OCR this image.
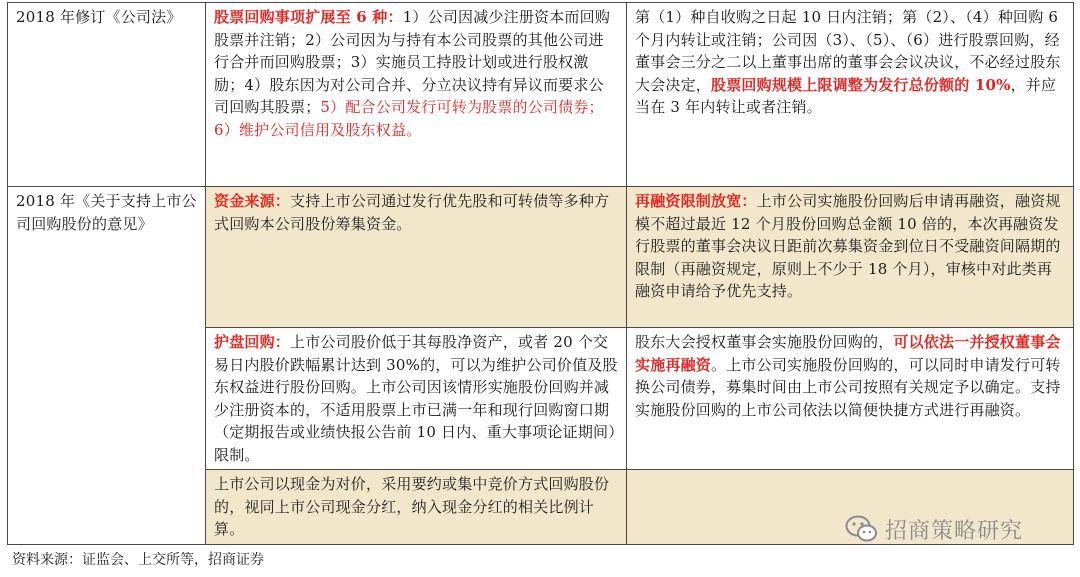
2018 年修订《公司法》	股票回购事项扩展至 6 种：1）公司因减少注册资本而回购股票并注销；2）公司因为与持有本公司股票的其他公司进行合并而回购股票；3）实施员工持股计划或进行股权激励；4）股东因为对公司合并、分立决议持有异议而要求公司回购其股票；5）配合公司发行可转为股票的公司债券；6）维护公司信用及股东权益。	第（1）种自收购之日起 10 日内注销；第（2）、（4）种回购 6 个月内转让或注销；公司因（3）、（5）、（6）进行股票回购，经董事会三分之二以上董事出席的董事会会议决议，不必经过股东大会决定，股票回购规模上限调整为发行总份额的 10%，并应当在 3 年内转让或者注销。
2018 年《关于支持上市公司回购股份的意见》	资金来源：支持上市公司通过发行优先股和可转债等多种方式回购本公司股份筹集资金。	再融资限制放宽：上市公司实施股份回购后申请再融资，融资规模不超过最近 12 个月股份回购总金额 10 倍的，本次再融资发行股票的董事会决议日距前次募集资金到位日不受融资间隔期的限制（再融资规定，原则上不少于 18 个月），审核中对此类再融资申请给予优先支持。
	护盘回购：上市公司股价低于其每股净资产，或者 20 个交易日内股价跌幅累计达到 30%的，可以为维护公司价值及股东权益进行股份回购。上市公司因该情形实施股份回购并减少注册资本的，不适用股票上市已满一年和现行回购窗口期（定期报告或业绩快报公告前 10 日内、重大事项论证期间）限制。	股东大会授权董事会实施股份回购的，可以依法一并授权董事会实施再融资。上市公司实施股份回购的，可以同时申请发行可转换公司债券，募集时间由上市公司按照有关规定予以确定。支持实施股份回购的上市公司依法以简便快捷方式进行再融资。
	上市公司以现金为对价，采用要约或集中竞价方式回购股份的，视同上市公司现金分红，纳入现金分红的相关比例计算。		招商策略研究
资料来源：证监会、上交所等，招商证券
